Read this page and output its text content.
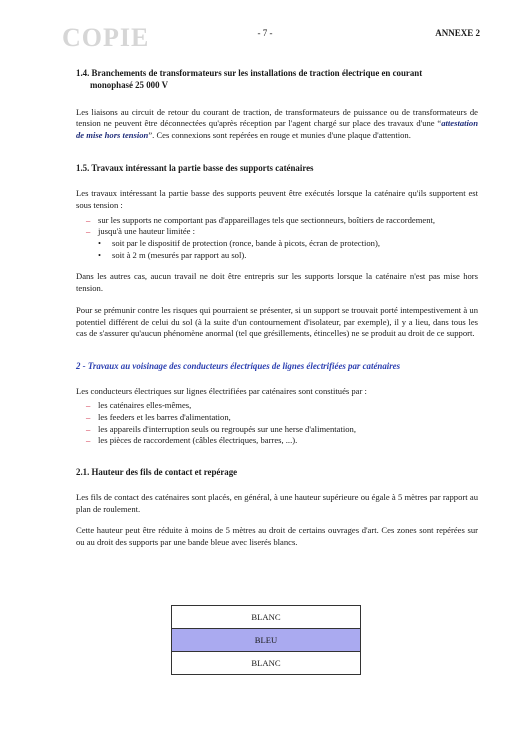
COPIE	- 7 -	ANNEXE 2
1.4. Branchements de transformateurs sur les installations de traction électrique en courant
monophasé 25 000 V

Les liaisons au circuit de retour du courant de traction, de transformateurs de puissance ou de transformateurs de tension ne peuvent être déconnectées qu'après réception par l'agent chargé sur place des travaux d'une “attestation de mise hors tension”. Ces connexions sont repérées en rouge et munies d'une plaque d'attention.

1.5. Travaux intéressant la partie basse des supports caténaires

Les travaux intéressant la partie basse des supports peuvent être exécutés lorsque la caténaire qu'ils supportent est sous tension :

– sur les supports ne comportant pas d'appareillages tels que sectionneurs, boîtiers de raccordement,
– jusqu'à une hauteur limitée :
• soit par le dispositif de protection (ronce, bande à picots, écran de protection),
• soit à 2 m (mesurés par rapport au sol).

Dans les autres cas, aucun travail ne doit être entrepris sur les supports lorsque la caténaire n'est pas mise hors tension.

Pour se prémunir contre les risques qui pourraient se présenter, si un support se trouvait porté intempestivement à un potentiel différent de celui du sol (à la suite d'un contournement d'isolateur, par exemple), il y a lieu, dans tous les cas de s'assurer qu'aucun phénomène anormal (tel que grésillements, étincelles) ne se produit au droit de ce support.

2 - Travaux au voisinage des conducteurs électriques de lignes électrifiées par caténaires

Les conducteurs électriques sur lignes électrifiées par caténaires sont constitués par :

– les caténaires elles-mêmes,
– les feeders et les barres d'alimentation,
– les appareils d'interruption seuls ou regroupés sur une herse d'alimentation,
– les pièces de raccordement (câbles électriques, barres, ...).
2.1. Hauteur des fils de contact et repérage

Les fils de contact des caténaires sont placés, en général, à une hauteur supérieure ou égale à 5 mètres par rapport au plan de roulement.

Cette hauteur peut être réduite à moins de 5 mètres au droit de certains ouvrages d'art. Ces zones sont repérées sur ou au droit des supports par une bande bleue avec liserés blancs.

BLANC
BLEU
BLANC
